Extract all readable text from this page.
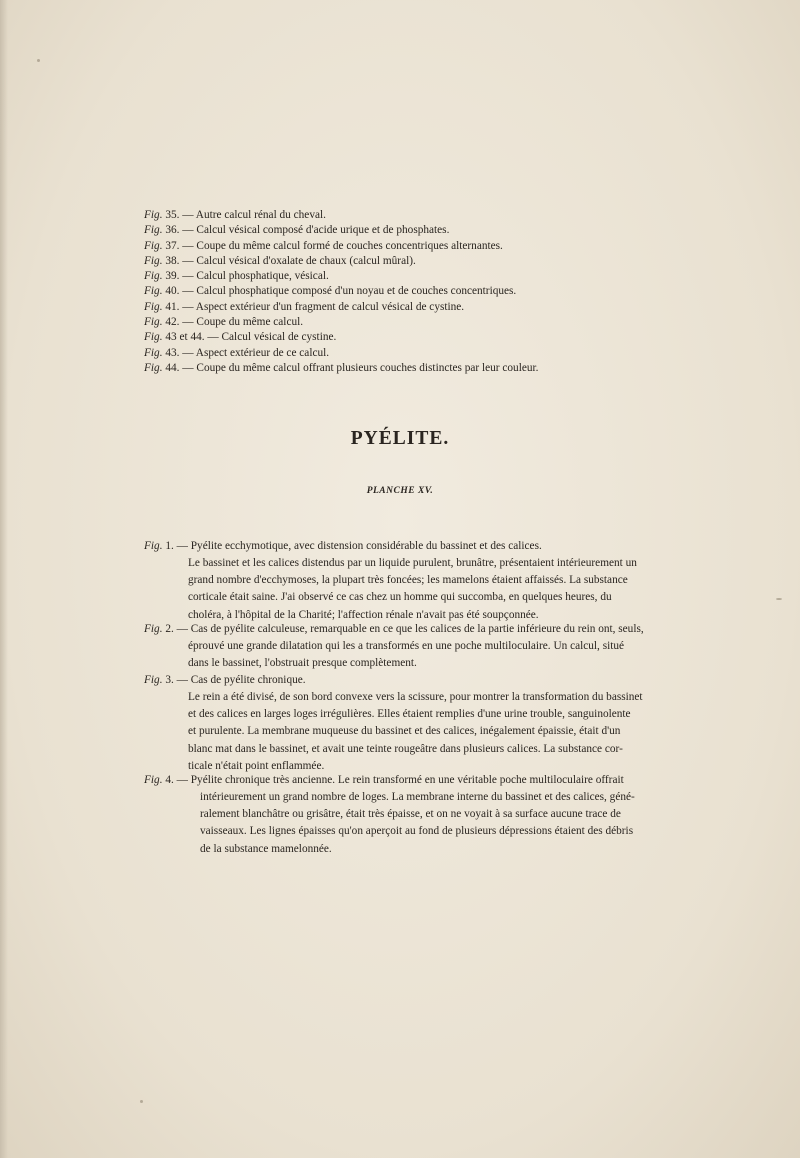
Fig. 35. — Autre calcul rénal du cheval.
Fig. 36. — Calcul vésical composé d'acide urique et de phosphates.
Fig. 37. — Coupe du même calcul formé de couches concentriques alternantes.
Fig. 38. — Calcul vésical d'oxalate de chaux (calcul mûral).
Fig. 39. — Calcul phosphatique, vésical.
Fig. 40. — Calcul phosphatique composé d'un noyau et de couches concentriques.
Fig. 41. — Aspect extérieur d'un fragment de calcul vésical de cystine.
Fig. 42. — Coupe du même calcul.
Fig. 43 et 44. — Calcul vésical de cystine.
Fig. 43. — Aspect extérieur de ce calcul.
Fig. 44. — Coupe du même calcul offrant plusieurs couches distinctes par leur couleur.
PYÉLITE.
PLANCHE XV.
Fig. 1. — Pyélite ecchymotique, avec distension considérable du bassinet et des calices.
Le bassinet et les calices distendus par un liquide purulent, brunâtre, présentaient intérieurement un
grand nombre d'ecchymoses, la plupart très foncées; les mamelons étaient affaissés. La substance
corticale était saine. J'ai observé ce cas chez un homme qui succomba, en quelques heures, du
choléra, à l'hôpital de la Charité; l'affection rénale n'avait pas été soupçonnée.
Fig. 2. — Cas de pyélite calculeuse, remarquable en ce que les calices de la partie inférieure du rein ont, seuls,
éprouvé une grande dilatation qui les a transformés en une poche multiloculaire. Un calcul, situé
dans le bassinet, l'obstruait presque complètement.
Fig. 3. — Cas de pyélite chronique.
Le rein a été divisé, de son bord convexe vers la scissure, pour montrer la transformation du bassinet
et des calices en larges loges irrégulières. Elles étaient remplies d'une urine trouble, sanguinolente
et purulente. La membrane muqueuse du bassinet et des calices, inégalement épaissie, était d'un
blanc mat dans le bassinet, et avait une teinte rougeâtre dans plusieurs calices. La substance cor-
ticale n'était point enflammée.
Fig. 4. — Pyélite chronique très ancienne. Le rein transformé en une véritable poche multiloculaire offrait
intérieurement un grand nombre de loges. La membrane interne du bassinet et des calices, géné-
ralement blanchâtre ou grisâtre, était très épaisse, et on ne voyait à sa surface aucune trace de
vaisseaux. Les lignes épaisses qu'on aperçoit au fond de plusieurs dépressions étaient des débris
de la substance mamelonnée.
